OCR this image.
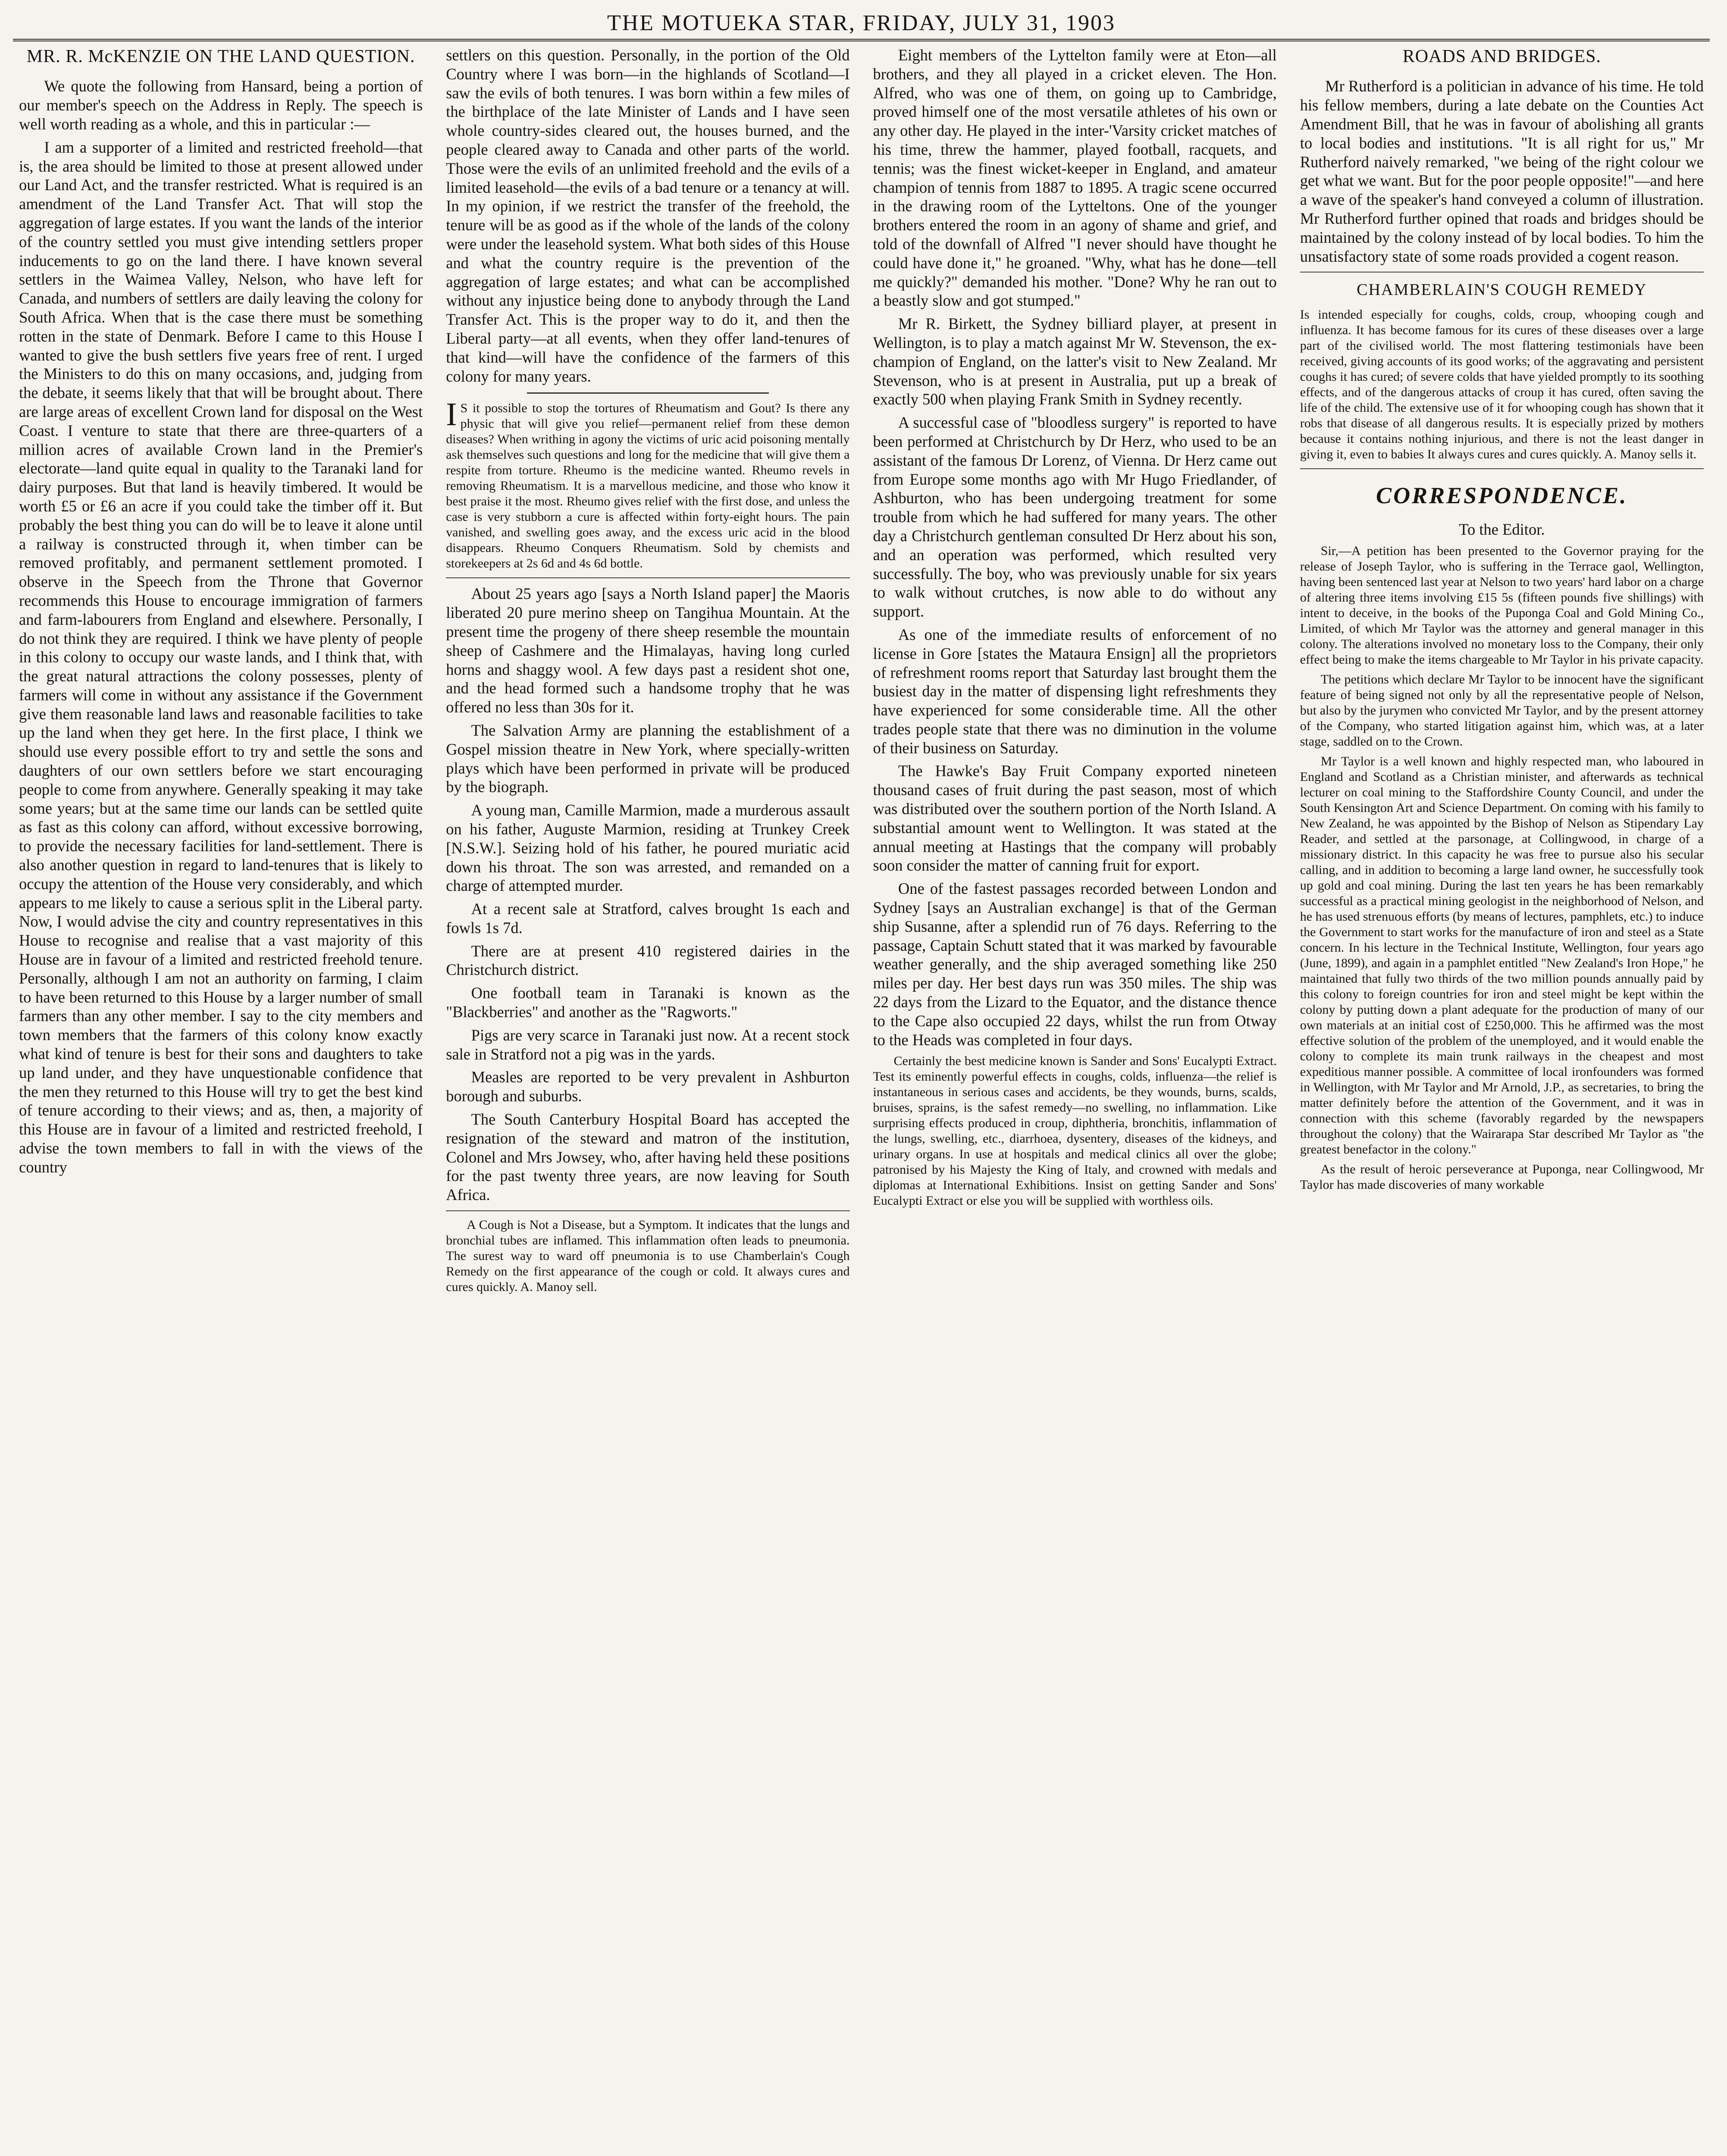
THE MOTUEKA STAR, FRIDAY, JULY 31, 1903
MR. R. McKENZIE ON THE LAND QUESTION.

We quote the following from Hansard, being a portion of our member's speech on the Address in Reply. The speech is well worth reading as a whole, and this in particular :—

I am a supporter of a limited and restricted freehold—that is, the area should be limited to those at present allowed under our Land Act, and the transfer restricted. What is required is an amendment of the Land Transfer Act. That will stop the aggregation of large estates. If you want the lands of the interior of the country settled you must give intending settlers proper inducements to go on the land there. I have known several settlers in the Waimea Valley, Nelson, who have left for Canada, and numbers of settlers are daily leaving the colony for South Africa. When that is the case there must be something rotten in the state of Denmark. Before I came to this House I wanted to give the bush settlers five years free of rent. I urged the Ministers to do this on many occasions, and, judging from the debate, it seems likely that that will be brought about. There are large areas of excellent Crown land for disposal on the West Coast. I venture to state that there are three-quarters of a million acres of available Crown land in the Premier's electorate—land quite equal in quality to the Taranaki land for dairy purposes. But that land is heavily timbered. It would be worth £5 or £6 an acre if you could take the timber off it. But probably the best thing you can do will be to leave it alone until a railway is constructed through it, when timber can be removed profitably, and permanent settlement promoted. I observe in the Speech from the Throne that Governor recommends this House to encourage immigration of farmers and farm-labourers from England and elsewhere. Personally, I do not think they are required. I think we have plenty of people in this colony to occupy our waste lands, and I think that, with the great natural attractions the colony possesses, plenty of farmers will come in without any assistance if the Government give them reasonable land laws and reasonable facilities to take up the land when they get here. In the first place, I think we should use every possible effort to try and settle the sons and daughters of our own settlers before we start encouraging people to come from anywhere. Generally speaking it may take some years; but at the same time our lands can be settled quite as fast as this colony can afford, without excessive borrowing, to provide the necessary facilities for land-settlement. There is also another question in regard to land-tenures that is likely to occupy the attention of the House very considerably, and which appears to me likely to cause a serious split in the Liberal party. Now, I would advise the city and country representatives in this House to recognise and realise that a vast majority of this House are in favour of a limited and restricted freehold tenure. Personally, although I am not an authority on farming, I claim to have been returned to this House by a larger number of small farmers than any other member. I say to the city members and town members that the farmers of this colony know exactly what kind of tenure is best for their sons and daughters to take up land under, and they have unquestionable confidence that the men they returned to this House will try to get the best kind of tenure according to their views; and as, then, a majority of this House are in favour of a limited and restricted freehold, I advise the town members to fall in with the views of the country

settlers on this question. Personally, in the portion of the Old Country where I was born—in the highlands of Scotland—I saw the evils of both tenures. I was born within a few miles of the birthplace of the late Minister of Lands and I have seen whole country-sides cleared out, the houses burned, and the people cleared away to Canada and other parts of the world. Those were the evils of an unlimited freehold and the evils of a limited leasehold—the evils of a bad tenure or a tenancy at will. In my opinion, if we restrict the transfer of the freehold, the tenure will be as good as if the whole of the lands of the colony were under the leasehold system. What both sides of this House and what the country require is the prevention of the aggregation of large estates; and what can be accomplished without any injustice being done to anybody through the Land Transfer Act. This is the proper way to do it, and then the Liberal party—at all events, when they offer land-tenures of that kind—will have the confidence of the farmers of this colony for many years.

IS it possible to stop the tortures of Rheumatism and Gout? Is there any physic that will give you relief—permanent relief from these demon diseases? When writhing in agony the victims of uric acid poisoning mentally ask themselves such questions and long for the medicine that will give them a respite from torture. Rheumo is the medicine wanted. Rheumo revels in removing Rheumatism. It is a marvellous medicine, and those who know it best praise it the most. Rheumo gives relief with the first dose, and unless the case is very stubborn a cure is affected within forty-eight hours. The pain vanished, and swelling goes away, and the excess uric acid in the blood disappears. Rheumo Conquers Rheumatism. Sold by chemists and storekeepers at 2s 6d and 4s 6d bottle.

About 25 years ago [says a North Island paper] the Maoris liberated 20 pure merino sheep on Tangihua Mountain. At the present time the progeny of there sheep resemble the mountain sheep of Cashmere and the Himalayas, having long curled horns and shaggy wool. A few days past a resident shot one, and the head formed such a handsome trophy that he was offered no less than 30s for it.

The Salvation Army are planning the establishment of a Gospel mission theatre in New York, where specially-written plays which have been performed in private will be produced by the biograph.

A young man, Camille Marmion, made a murderous assault on his father, Auguste Marmion, residing at Trunkey Creek [N.S.W.]. Seizing hold of his father, he poured muriatic acid down his throat. The son was arrested, and remanded on a charge of attempted murder.

At a recent sale at Stratford, calves brought 1s each and fowls 1s 7d.

There are at present 410 registered dairies in the Christchurch district.

One football team in Taranaki is known as the "Blackberries" and another as the "Ragworts."

Pigs are very scarce in Taranaki just now. At a recent stock sale in Stratford not a pig was in the yards.

Measles are reported to be very prevalent in Ashburton borough and suburbs.

The South Canterbury Hospital Board has accepted the resignation of the steward and matron of the institution, Colonel and Mrs Jowsey, who, after having held these positions for the past twenty three years, are now leaving for South Africa.

A Cough is Not a Disease, but a Symptom. It indicates that the lungs and bronchial tubes are inflamed. This inflammation often leads to pneumonia. The surest way to ward off pneumonia is to use Chamberlain's Cough Remedy on the first appearance of the cough or cold. It always cures and cures quickly. A. Manoy sell.

Eight members of the Lyttelton family were at Eton—all brothers, and they all played in a cricket eleven. The Hon. Alfred, who was one of them, on going up to Cambridge, proved himself one of the most versatile athletes of his own or any other day. He played in the inter-'Varsity cricket matches of his time, threw the hammer, played football, racquets, and tennis; was the finest wicket-keeper in England, and amateur champion of tennis from 1887 to 1895. A tragic scene occurred in the drawing room of the Lytteltons. One of the younger brothers entered the room in an agony of shame and grief, and told of the downfall of Alfred "I never should have thought he could have done it," he groaned. "Why, what has he done—tell me quickly?" demanded his mother. "Done? Why he ran out to a beastly slow and got stumped."

Mr R. Birkett, the Sydney billiard player, at present in Wellington, is to play a match against Mr W. Stevenson, the ex-champion of England, on the latter's visit to New Zealand. Mr Stevenson, who is at present in Australia, put up a break of exactly 500 when playing Frank Smith in Sydney recently.

A successful case of "bloodless surgery" is reported to have been performed at Christchurch by Dr Herz, who used to be an assistant of the famous Dr Lorenz, of Vienna. Dr Herz came out from Europe some months ago with Mr Hugo Friedlander, of Ashburton, who has been undergoing treatment for some trouble from which he had suffered for many years. The other day a Christchurch gentleman consulted Dr Herz about his son, and an operation was performed, which resulted very successfully. The boy, who was previously unable for six years to walk without crutches, is now able to do without any support.

As one of the immediate results of enforcement of no license in Gore [states the Mataura Ensign] all the proprietors of refreshment rooms report that Saturday last brought them the busiest day in the matter of dispensing light refreshments they have experienced for some considerable time. All the other trades people state that there was no diminution in the volume of their business on Saturday.

The Hawke's Bay Fruit Company exported nineteen thousand cases of fruit during the past season, most of which was distributed over the southern portion of the North Island. A substantial amount went to Wellington. It was stated at the annual meeting at Hastings that the company will probably soon consider the matter of canning fruit for export.

One of the fastest passages recorded between London and Sydney [says an Australian exchange] is that of the German ship Susanne, after a splendid run of 76 days. Referring to the passage, Captain Schutt stated that it was marked by favourable weather generally, and the ship averaged something like 250 miles per day. Her best days run was 350 miles. The ship was 22 days from the Lizard to the Equator, and the distance thence to the Cape also occupied 22 days, whilst the run from Otway to the Heads was completed in four days.

Certainly the best medicine known is Sander and Sons' Eucalypti Extract. Test its eminently powerful effects in coughs, colds, influenza—the relief is instantaneous in serious cases and accidents, be they wounds, burns, scalds, bruises, sprains, is the safest remedy—no swelling, no inflammation. Like surprising effects produced in croup, diphtheria, bronchitis, inflammation of the lungs, swelling, etc., diarrhoea, dysentery, diseases of the kidneys, and urinary organs. In use at hospitals and medical clinics all over the globe; patronised by his Majesty the King of Italy, and crowned with medals and diplomas at International Exhibitions. Insist on getting Sander and Sons' Eucalypti Extract or else you will be supplied with worthless oils.

ROADS AND BRIDGES.

Mr Rutherford is a politician in advance of his time. He told his fellow members, during a late debate on the Counties Act Amendment Bill, that he was in favour of abolishing all grants to local bodies and institutions. "It is all right for us," Mr Rutherford naively remarked, "we being of the right colour we get what we want. But for the poor people opposite!"—and here a wave of the speaker's hand conveyed a column of illustration. Mr Rutherford further opined that roads and bridges should be maintained by the colony instead of by local bodies. To him the unsatisfactory state of some roads provided a cogent reason.

CHAMBERLAIN'S COUGH REMEDY

Is intended especially for coughs, colds, croup, whooping cough and influenza. It has become famous for its cures of these diseases over a large part of the civilised world. The most flattering testimonials have been received, giving accounts of its good works; of the aggravating and persistent coughs it has cured; of severe colds that have yielded promptly to its soothing effects, and of the dangerous attacks of croup it has cured, often saving the life of the child. The extensive use of it for whooping cough has shown that it robs that disease of all dangerous results. It is especially prized by mothers because it contains nothing injurious, and there is not the least danger in giving it, even to babies It always cures and cures quickly. A. Manoy sells it.

CORRESPONDENCE.

To the Editor.

Sir,—A petition has been presented to the Governor praying for the release of Joseph Taylor, who is suffering in the Terrace gaol, Wellington, having been sentenced last year at Nelson to two years' hard labor on a charge of altering three items involving £15 5s (fifteen pounds five shillings) with intent to deceive, in the books of the Puponga Coal and Gold Mining Co., Limited, of which Mr Taylor was the attorney and general manager in this colony. The alterations involved no monetary loss to the Company, their only effect being to make the items chargeable to Mr Taylor in his private capacity.

The petitions which declare Mr Taylor to be innocent have the significant feature of being signed not only by all the representative people of Nelson, but also by the jurymen who convicted Mr Taylor, and by the present attorney of the Company, who started litigation against him, which was, at a later stage, saddled on to the Crown.

Mr Taylor is a well known and highly respected man, who laboured in England and Scotland as a Christian minister, and afterwards as technical lecturer on coal mining to the Staffordshire County Council, and under the South Kensington Art and Science Department. On coming with his family to New Zealand, he was appointed by the Bishop of Nelson as Stipendary Lay Reader, and settled at the parsonage, at Collingwood, in charge of a missionary district. In this capacity he was free to pursue also his secular calling, and in addition to becoming a large land owner, he successfully took up gold and coal mining. During the last ten years he has been remarkably successful as a practical mining geologist in the neighborhood of Nelson, and he has used strenuous efforts (by means of lectures, pamphlets, etc.) to induce the Government to start works for the manufacture of iron and steel as a State concern. In his lecture in the Technical Institute, Wellington, four years ago (June, 1899), and again in a pamphlet entitled "New Zealand's Iron Hope," he maintained that fully two thirds of the two million pounds annually paid by this colony to foreign countries for iron and steel might be kept within the colony by putting down a plant adequate for the production of many of our own materials at an initial cost of £250,000. This he affirmed was the most effective solution of the problem of the unemployed, and it would enable the colony to complete its main trunk railways in the cheapest and most expeditious manner possible. A committee of local ironfounders was formed in Wellington, with Mr Taylor and Mr Arnold, J.P., as secretaries, to bring the matter definitely before the attention of the Government, and it was in connection with this scheme (favorably regarded by the newspapers throughout the colony) that the Wairarapa Star described Mr Taylor as "the greatest benefactor in the colony."

As the result of heroic perseverance at Puponga, near Collingwood, Mr Taylor has made discoveries of many workable
